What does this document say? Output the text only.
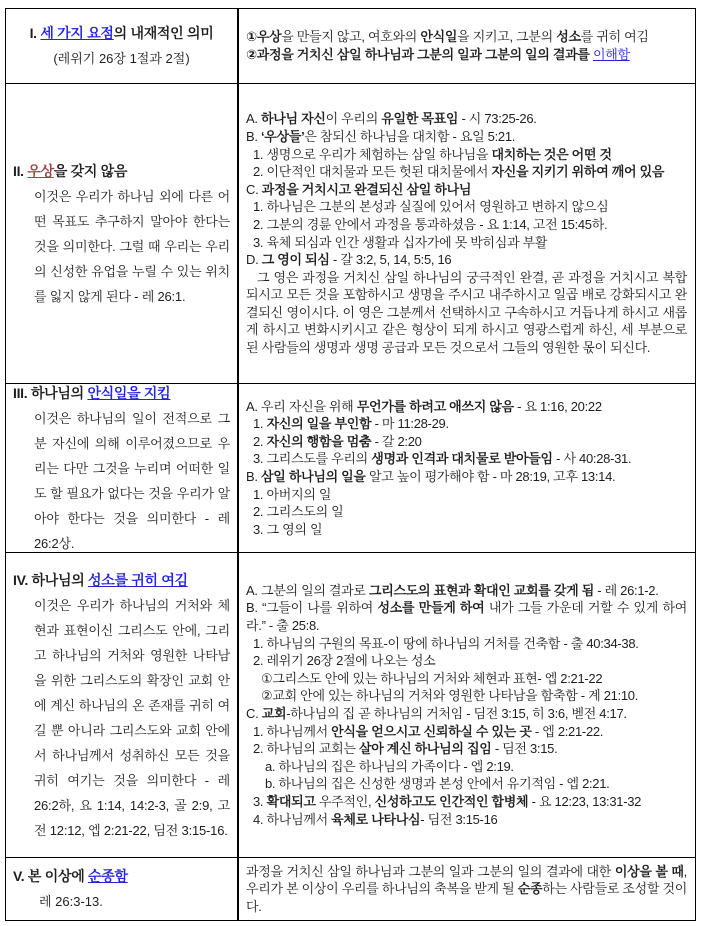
I. 세 가지 요점의 내재적인 의미
(레위기 26장 1절과 2절)
①우상을 만들지 않고, 여호와의 안식일을 지키고, 그분의 성소를 귀히 여김
②과정을 거치신 삼일 하나님과 그분의 일과 그분의 일의 결과를 이해함
II. 우상을 갖지 않음
이것은 우리가 하나님 외에 다른 어떤 목표도 추구하지 말아야 한다는 것을 의미한다. 그럴 때 우리는 우리의 신성한 유업을 누릴 수 있는 위치를 잃지 않게 된다 - 레 26:1.
A. 하나님 자신이 우리의 유일한 목표임 - 시 73:25-26.
B. ‘우상들’은 참되신 하나님을 대치함 - 요일 5:21.
1. 생명으로 우리가 체험하는 삼일 하나님을 대치하는 것은 어떤 것
2. 이단적인 대치물과 모든 헛된 대치물에서 자신을 지키기 위하여 깨어 있음
C. 과정을 거치시고 완결되신 삼일 하나님
1. 하나님은 그분의 본성과 실질에 있어서 영원하고 변하지 않으심
2. 그분의 경륜 안에서 과정을 통과하셨음 - 요 1:14, 고전 15:45하.
3. 육체 되심과 인간 생활과 십자가에 못 박히심과 부활
D. 그 영이 되심 - 갈 3:2, 5, 14, 5:5, 16
그 영은 과정을 거치신 삼일 하나님의 궁극적인 완결, 곧 과정을 거치시고 복합되시고 모든 것을 포함하시고 생명을 주시고 내주하시고 일곱 배로 강화되시고 완결되신 영이시다. 이 영은 그분께서 선택하시고 구속하시고 거듭나게 하시고 새롭게 하시고 변화시키시고 같은 형상이 되게 하시고 영광스럽게 하신, 세 부분으로 된 사람들의 생명과 생명 공급과 모든 것으로서 그들의 영원한 몫이 되신다.
III. 하나님의 안식일을 지킴
이것은 하나님의 일이 전적으로 그분 자신에 의해 이루어졌으므로 우리는 다만 그것을 누리며 어떠한 일도 할 필요가 없다는 것을 우리가 알아야 한다는 것을 의미한다 - 레 26:2상.
A. 우리 자신을 위해 무언가를 하려고 애쓰지 않음 - 요 1:16, 20:22
1. 자신의 일을 부인함 - 마 11:28-29.
2. 자신의 행함을 멈춤 - 갈 2:20
3. 그리스도를 우리의 생명과 인격과 대치물로 받아들임 - 사 40:28-31.
B. 삼일 하나님의 일을 알고 높이 평가해야 함 - 마 28:19, 고후 13:14.
1. 아버지의 일
2. 그리스도의 일
3. 그 영의 일
IV. 하나님의 성소를 귀히 여김
이것은 우리가 하나님의 거처와 체현과 표현이신 그리스도 안에, 그리고 하나님의 거처와 영원한 나타남을 위한 그리스도의 확장인 교회 안에 계신 하나님의 온 존재를 귀히 여길 뿐 아니라 그리스도와 교회 안에서 하나님께서 성취하신 모든 것을 귀히 여기는 것을 의미한다 - 레 26:2하, 요 1:14, 14:2-3, 골 2:9, 고전 12:12, 엡 2:21-22, 딤전 3:15-16.
A. 그분의 일의 결과로 그리스도의 표현과 확대인 교회를 갖게 됨 - 레 26:1-2.
B. “그들이 나를 위하여 성소를 만들게 하여 내가 그들 가운데 거할 수 있게 하여라.” - 출 25:8.
1. 하나님의 구원의 목표-이 땅에 하나님의 거처를 건축함 - 출 40:34-38.
2. 레위기 26장 2절에 나오는 성소
①그리스도 안에 있는 하나님의 거처와 체현과 표현- 엡 2:21-22
②교회 안에 있는 하나님의 거처와 영원한 나타남을 함축함 - 계 21:10.
C. 교회-하나님의 집 곧 하나님의 거처임 - 딤전 3:15, 히 3:6, 벧전 4:17.
1. 하나님께서 안식을 얻으시고 신뢰하실 수 있는 곳 - 엡 2:21-22.
2. 하나님의 교회는 살아 계신 하나님의 집임 - 딤전 3:15.
a. 하나님의 집은 하나님의 가족이다 - 엡 2:19.
b. 하나님의 집은 신성한 생명과 본성 안에서 유기적임 - 엡 2:21.
3. 확대되고 우주적인, 신성하고도 인간적인 합병체 - 요 12:23, 13:31-32
4. 하나님께서 육체로 나타나심- 딤전 3:15-16
V. 본 이상에 순종함
레 26:3-13.
과정을 거치신 삼일 하나님과 그분의 일과 그분의 일의 결과에 대한 이상을 볼 때, 우리가 본 이상이 우리를 하나님의 축복을 받게 될 순종하는 사람들로 조성할 것이다.
